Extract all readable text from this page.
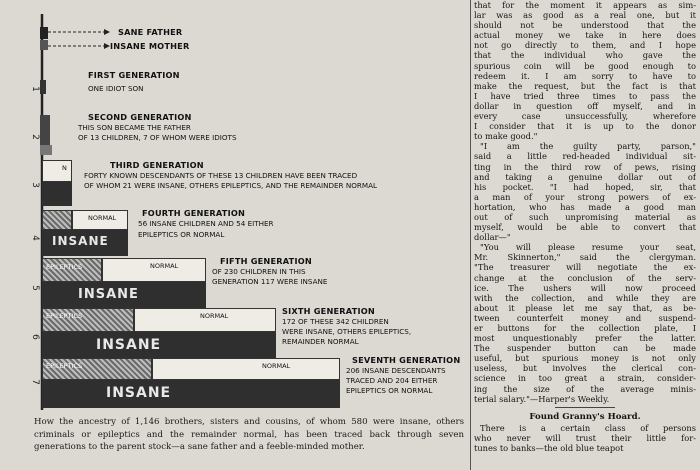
1
2
3
4
5
6
7
SANE FATHER
INSANE MOTHER
FIRST GENERATION
ONE IDIOT SON
SECOND GENERATION
THIS SON BECAME THE FATHER
OF 13 CHILDREN, 7 OF WHOM WERE IDIOTS
N	THIRD GENERATION
FORTY KNOWN DESCENDANTS OF THESE 13 CHILDREN HAVE BEEN TRACED
OF WHOM 21 WERE INSANE, OTHERS EPILEPTICS, AND THE REMAINDER NORMAL
NORMAL
INSANE
FOURTH GENERATION
56 INSANE CHILDREN AND 54 EITHER
EPILEPTICS OR NORMAL
EPILEPTICS	NORMAL
INSANE
FIFTH GENERATION
OF 230 CHILDREN IN THIS
GENERATION 117 WERE INSANE
EPILEPTICS	NORMAL
INSANE
SIXTH GENERATION
172 OF THESE 342 CHILDREN
WERE INSANE, OTHERS EPILEPTICS,
REMAINDER NORMAL
EPILEPTICS	NORMAL
INSANE
SEVENTH GENERATION
206 INSANE DESCENDANTS
TRACED AND 204 EITHER
EPILEPTICS OR NORMAL
How the ancestry of 1,146 brothers, sisters and cousins, of whom 580 were insane, others criminals or epileptics and the remainder normal, has been traced back through seven generations to the parent stock—a sane father and a feeble-minded mother.
that for the moment it appears as sim-
lar was as good as a real one, but it
should not be understood that the
actual money we take in here does
not go directly to them, and I hope
that the individual who gave the
spurious coin will be good enough to
redeem it. I am sorry to have to
make the request, but the fact is that
I have tried three times to pass the
dollar in question off myself, and in
every case unsuccessfully, wherefore
I consider that it is up to the donor
to make good."
"I am the guilty party, parson,"
said a little red-headed individual sit-
ting in the third row of pews, rising
and taking a genuine dollar out of
his pocket. "I had hoped, sir, that
a man of your strong powers of ex-
hortation, who has made a good man
out of such unpromising material as
myself, would be able to convert that
dollar—"
"You will please resume your seat,
Mr. Skinnerton," said the clergyman.
"The treasurer will negotiate the ex-
change at the conclusion of the serv-
ice. The ushers will now proceed
with the collection, and while they are
about it please let me say that, as be-
tween counterfeit money and suspend-
er buttons for the collection plate, I
most unquestionably prefer the latter.
The suspender button can be made
useful, but spurious money is not only
useless, but involves the clerical con-
science in too great a strain, consider-
ing the size of the average minis-
terial salary."—Harper's Weekly.
Found Granny's Hoard.
There is a certain class of persons
who never will trust their little for-
tunes to banks—the old blue teapot
